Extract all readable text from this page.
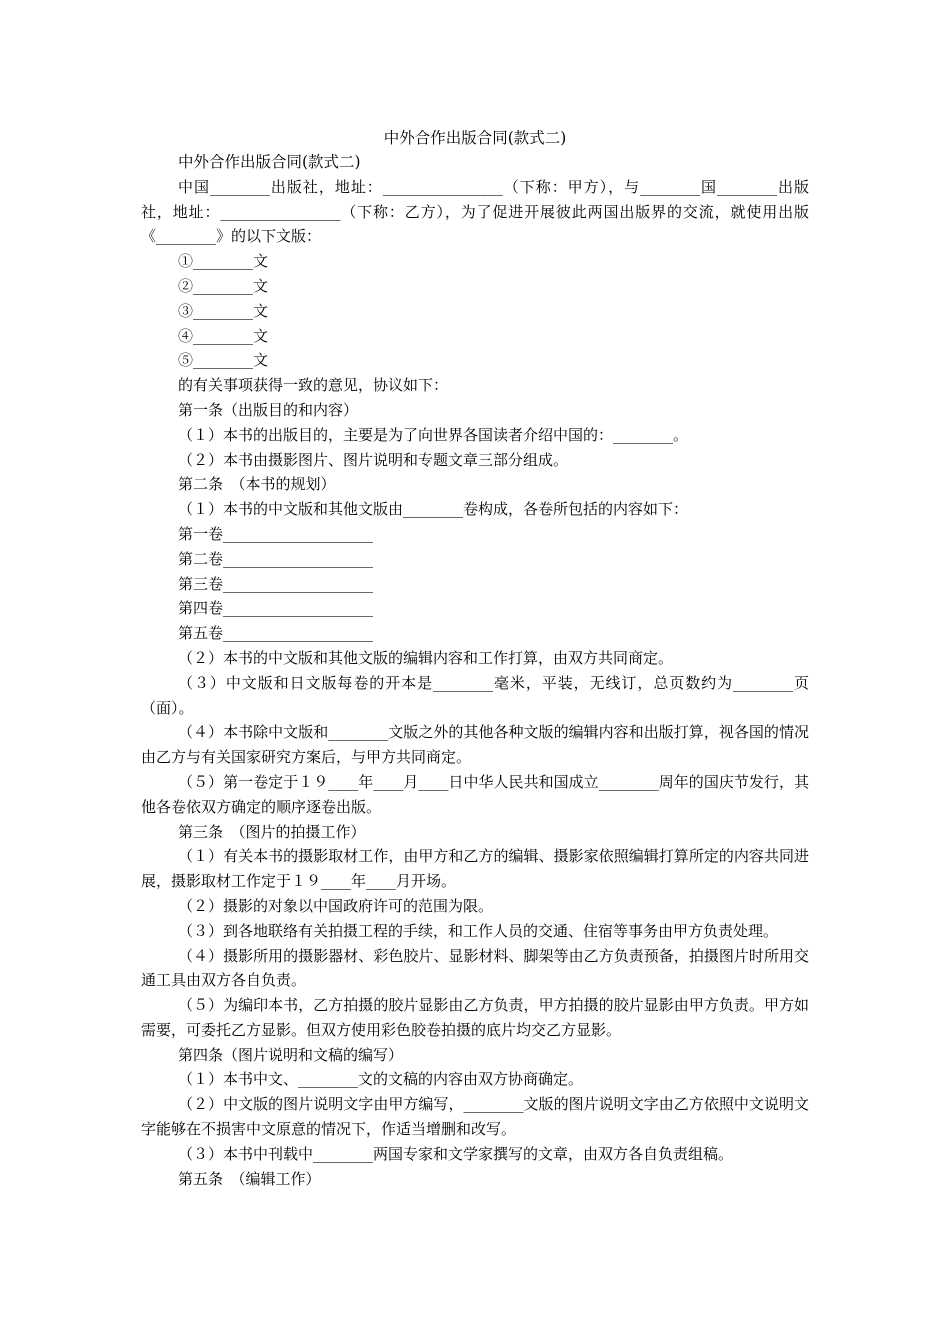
中外合作出版合同(款式二)

中外合作出版合同(款式二)

中国________出版社，地址：________________（下称：甲方），与________国________出版社，地址：________________（下称：乙方），为了促进开展彼此两国出版界的交流，就使用出版《________》的以下文版：

①________文

②________文

③________文

④________文

⑤________文

的有关事项获得一致的意见，协议如下：

第一条（出版目的和内容）

（１）本书的出版目的，主要是为了向世界各国读者介绍中国的：________。

（２）本书由摄影图片、图片说明和专题文章三部分组成。

第二条　（本书的规划）

（１）本书的中文版和其他文版由________卷构成，各卷所包括的内容如下：

第一卷____________________

第二卷____________________

第三卷____________________

第四卷____________________

第五卷____________________

（２）本书的中文版和其他文版的编辑内容和工作打算，由双方共同商定。

（３）中文版和日文版每卷的开本是________毫米，平装，无线订，总页数约为________页（面）。

（４）本书除中文版和________文版之外的其他各种文版的编辑内容和出版打算，视各国的情况由乙方与有关国家研究方案后，与甲方共同商定。

（５）第一卷定于１９____年____月____日中华人民共和国成立________周年的国庆节发行，其他各卷依双方确定的顺序逐卷出版。

第三条　（图片的拍摄工作）

（１）有关本书的摄影取材工作，由甲方和乙方的编辑、摄影家依照编辑打算所定的内容共同进展，摄影取材工作定于１９____年____月开场。

（２）摄影的对象以中国政府许可的范围为限。

（３）到各地联络有关拍摄工程的手续，和工作人员的交通、住宿等事务由甲方负责处理。

（４）摄影所用的摄影器材、彩色胶片、显影材料、脚架等由乙方负责预备，拍摄图片时所用交通工具由双方各自负责。

（５）为编印本书，乙方拍摄的胶片显影由乙方负责，甲方拍摄的胶片显影由甲方负责。甲方如需要，可委托乙方显影。但双方使用彩色胶卷拍摄的底片均交乙方显影。

第四条（图片说明和文稿的编写）

（１）本书中文、________文的文稿的内容由双方协商确定。

（２）中文版的图片说明文字由甲方编写，________文版的图片说明文字由乙方依照中文说明文字能够在不损害中文原意的情况下，作适当增删和改写。

（３）本书中刊载中________两国专家和文学家撰写的文章，由双方各自负责组稿。

第五条　（编辑工作）
